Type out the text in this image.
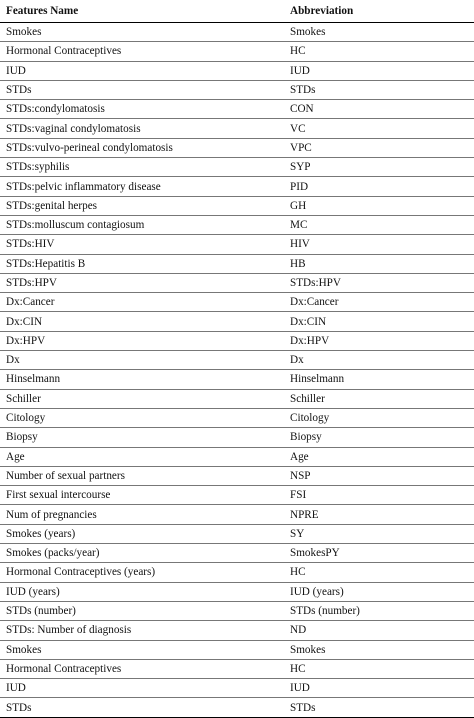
Features Name	Abbreviation
Smokes	Smokes
Hormonal Contraceptives	HC
IUD	IUD
STDs	STDs
STDs:condylomatosis	CON
STDs:vaginal condylomatosis	VC
STDs:vulvo-perineal condylomatosis	VPC
STDs:syphilis	SYP
STDs:pelvic inflammatory disease	PID
STDs:genital herpes	GH
STDs:molluscum contagiosum	MC
STDs:HIV	HIV
STDs:Hepatitis B	HB
STDs:HPV	STDs:HPV
Dx:Cancer	Dx:Cancer
Dx:CIN	Dx:CIN
Dx:HPV	Dx:HPV
Dx	Dx
Hinselmann	Hinselmann
Schiller	Schiller
Citology	Citology
Biopsy	Biopsy
Age	Age
Number of sexual partners	NSP
First sexual intercourse	FSI
Num of pregnancies	NPRE
Smokes (years)	SY
Smokes (packs/year)	SmokesPY
Hormonal Contraceptives (years)	HC
IUD (years)	IUD (years)
STDs (number)	STDs (number)
STDs: Number of diagnosis	ND
Smokes	Smokes
Hormonal Contraceptives	HC
IUD	IUD
STDs	STDs
